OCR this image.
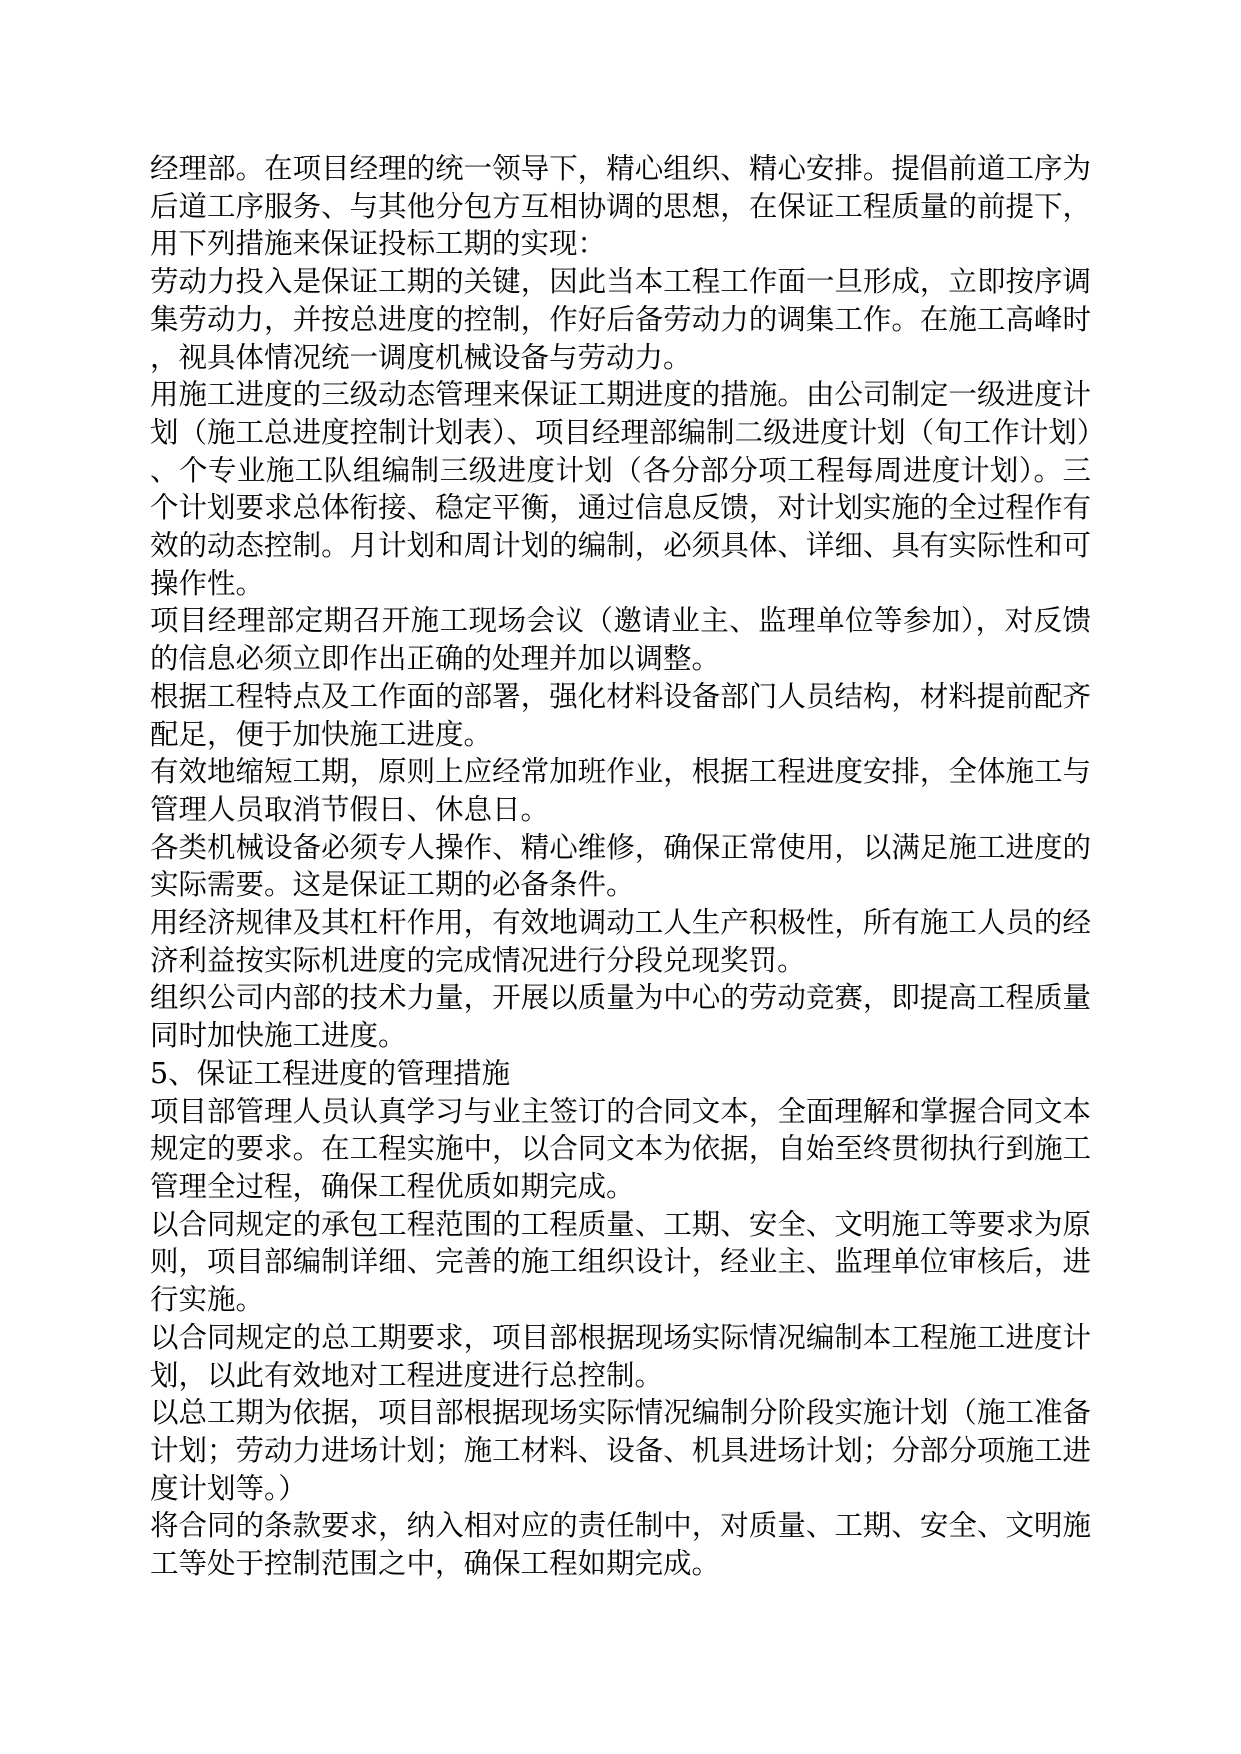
经理部。在项目经理的统一领导下，精心组织、精心安排。提倡前道工序为后道工序服务、与其他分包方互相协调的思想，在保证工程质量的前提下，用下列措施来保证投标工期的实现：

劳动力投入是保证工期的关键，因此当本工程工作面一旦形成，立即按序调集劳动力，并按总进度的控制，作好后备劳动力的调集工作。在施工高峰时，视具体情况统一调度机械设备与劳动力。

用施工进度的三级动态管理来保证工期进度的措施。由公司制定一级进度计划（施工总进度控制计划表）、项目经理部编制二级进度计划（旬工作计划）、个专业施工队组编制三级进度计划（各分部分项工程每周进度计划）。三个计划要求总体衔接、稳定平衡，通过信息反馈，对计划实施的全过程作有效的动态控制。月计划和周计划的编制，必须具体、详细、具有实际性和可操作性。

项目经理部定期召开施工现场会议（邀请业主、监理单位等参加），对反馈的信息必须立即作出正确的处理并加以调整。

根据工程特点及工作面的部署，强化材料设备部门人员结构，材料提前配齐配足，便于加快施工进度。

有效地缩短工期，原则上应经常加班作业，根据工程进度安排，全体施工与管理人员取消节假日、休息日。

各类机械设备必须专人操作、精心维修，确保正常使用，以满足施工进度的实际需要。这是保证工期的必备条件。

用经济规律及其杠杆作用，有效地调动工人生产积极性，所有施工人员的经济利益按实际机进度的完成情况进行分段兑现奖罚。

组织公司内部的技术力量，开展以质量为中心的劳动竞赛，即提高工程质量同时加快施工进度。

5、保证工程进度的管理措施

项目部管理人员认真学习与业主签订的合同文本，全面理解和掌握合同文本规定的要求。在工程实施中，以合同文本为依据，自始至终贯彻执行到施工管理全过程，确保工程优质如期完成。

以合同规定的承包工程范围的工程质量、工期、安全、文明施工等要求为原则，项目部编制详细、完善的施工组织设计，经业主、监理单位审核后，进行实施。

以合同规定的总工期要求，项目部根据现场实际情况编制本工程施工进度计划，以此有效地对工程进度进行总控制。

以总工期为依据，项目部根据现场实际情况编制分阶段实施计划（施工准备计划；劳动力进场计划；施工材料、设备、机具进场计划；分部分项施工进度计划等。）

将合同的条款要求，纳入相对应的责任制中，对质量、工期、安全、文明施工等处于控制范围之中，确保工程如期完成。
